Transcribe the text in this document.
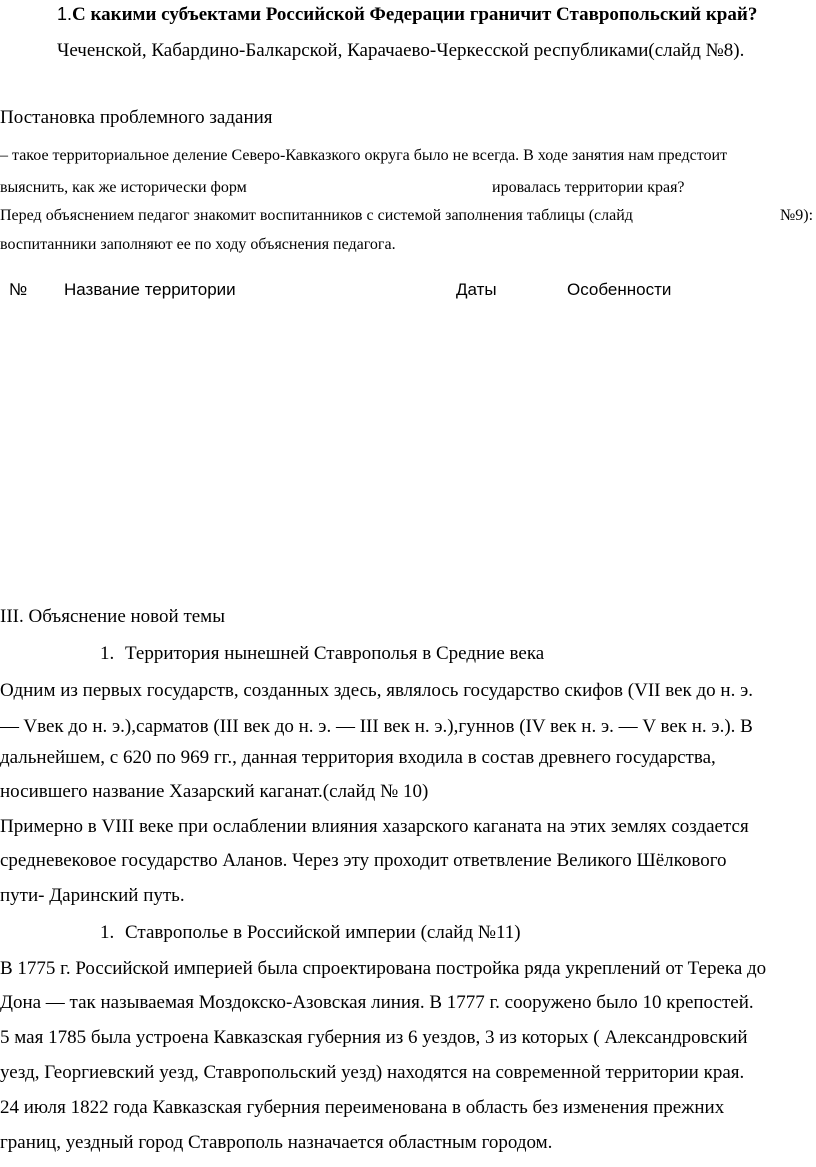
1.С какими субъектами Российской Федерации граничит Ставропольский край?
Чеченской, Кабардино-Балкарской, Карачаево-Черкесской республиками(слайд №8).
Постановка проблемного задания
– такое территориальное деление Северо-Кавказкого округа было не всегда. В ходе занятия нам предстоит
выяснить, как же исторически форм	ировалась территории края?
Перед объяснением педагог знакомит воспитанников с системой заполнения таблицы (слайд	№9):
воспитанники заполняют ее по ходу объяснения педагога.
№ Название территории	Даты	Особенности
III. Объяснение новой темы
1. Территория нынешней Ставрополья в Средние века
Одним из первых государств, созданных здесь, являлось государство скифов (VII век до н. э.
— Vвек до н. э.),сарматов (III век до н. э. — III век н. э.),гуннов (IV век н. э. — V век н. э.). В
дальнейшем, с 620 по 969 гг., данная территория входила в состав древнего государства,
носившего название Хазарский каганат.(слайд № 10)
Примерно в VIII веке при ослаблении влияния хазарского каганата на этих землях создается
средневековое государство Аланов. Через эту проходит ответвление Великого Шёлкового
пути- Даринский путь.
1. Ставрополье в Российской империи (слайд №11)
В 1775 г. Российской империей была спроектирована постройка ряда укреплений от Терека до
Дона — так называемая Моздокско-Азовская линия. В 1777 г. сооружено было 10 крепостей.
5 мая 1785 была устроена Кавказская губерния из 6 уездов, 3 из которых ( Александровский
уезд, Георгиевский уезд, Ставропольский уезд) находятся на современной территории края.
24 июля 1822 года Кавказская губерния переименована в область без изменения прежних
границ, уездный город Ставрополь назначается областным городом.
